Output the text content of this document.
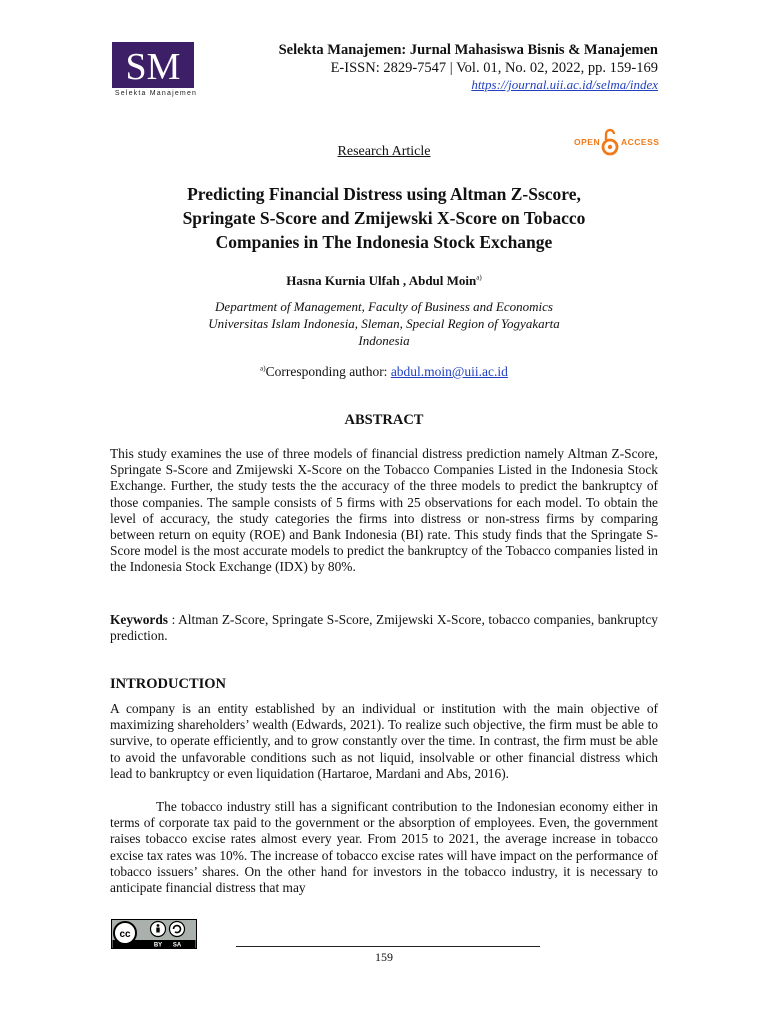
SM
Selekta Manajemen
Selekta Manajemen: Jurnal Mahasiswa Bisnis & Manajemen
E-ISSN: 2829-7547 | Vol. 01, No. 02, 2022, pp. 159-169
https://journal.uii.ac.id/selma/index
OPEN ACCESS
Research Article
Predicting Financial Distress using Altman Z-Sscore,
Springate S-Score and Zmijewski X-Score on Tobacco
Companies in The Indonesia Stock Exchange
Hasna Kurnia Ulfah , Abdul Moin$^{a)}$
Department of Management, Faculty of Business and Economics
Universitas Islam Indonesia, Sleman, Special Region of Yogyakarta
Indonesia
$^{a)}$Corresponding author: abdul.moin@uii.ac.id
ABSTRACT
This study examines the use of three models of financial distress prediction namely Altman Z-Score, Springate S-Score and Zmijewski X-Score on the Tobacco Companies Listed in the Indonesia Stock Exchange. Further, the study tests the the accuracy of the three models to predict the bankruptcy of those companies. The sample consists of 5 firms with 25 observations for each model. To obtain the level of accuracy, the study categories the firms into distress or non-stress firms by comparing between return on equity (ROE) and Bank Indonesia (BI) rate. This study finds that the Springate S-Score model is the most accurate models to predict the bankruptcy of the Tobacco companies listed in the Indonesia Stock Exchange (IDX) by 80%.
Keywords : Altman Z-Score, Springate S-Score, Zmijewski X-Score, tobacco companies, bankruptcy prediction.
INTRODUCTION
A company is an entity established by an individual or institution with the main objective of maximizing shareholders’ wealth (Edwards, 2021). To realize such objective, the firm must be able to survive, to operate efficiently, and to grow constantly over the time. In contrast, the firm must be able to avoid the unfavorable conditions such as not liquid, insolvable or other financial distress which lead to bankruptcy or even liquidation (Hartaroe, Mardani and Abs, 2016).
The tobacco industry still has a significant contribution to the Indonesian economy either in terms of corporate tax paid to the government or the absorption of employees. Even, the government raises tobacco excise rates almost every year. From 2015 to 2021, the average increase in tobacco excise tax rates was 10%. The increase of tobacco excise rates will have impact on the performance of tobacco issuers’ shares. On the other hand for investors in the tobacco industry, it is necessary to anticipate financial distress that may
cc
BY SA
159
